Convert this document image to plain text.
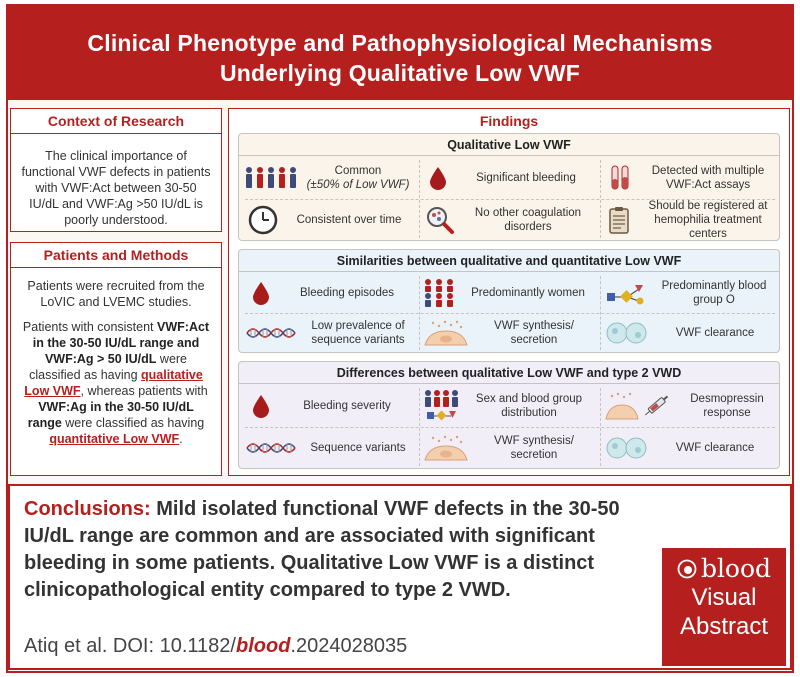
Clinical Phenotype and Pathophysiological Mechanisms
Underlying Qualitative Low VWF
Context of Research
The clinical importance of functional VWF defects in patients with VWF:Act between 30-50 IU/dL and VWF:Ag >50 IU/dL is poorly understood.
Patients and Methods
Patients were recruited from the LoVIC and LVEMC studies.
Patients with consistent VWF:Act in the 30-50 IU/dL range and VWF:Ag > 50 IU/dL were classified as having qualitative Low VWF, whereas patients with VWF:Ag in the 30-50 IU/dL range were classified as having quantitative Low VWF.
Findings
Qualitative Low VWF
Common
(±50% of Low VWF)
Significant bleeding
Detected with multiple VWF:Act assays
Consistent over time
No other coagulation disorders
Should be registered at hemophilia treatment centers
Similarities between qualitative and quantitative Low VWF
Bleeding episodes	Predominantly women
Predominantly blood group O
Low prevalence of sequence variants
VWF synthesis/ secretion
VWF clearance
Differences between qualitative Low VWF and type 2 VWD
Bleeding severity
Sex and blood group distribution
Desmopressin response
Sequence variants
VWF synthesis/ secretion
VWF clearance
Conclusions: Mild isolated functional VWF defects in the 30-50 IU/dL range are common and are associated with significant bleeding in some patients. Qualitative Low VWF is a distinct clinicopathological entity compared to type 2 VWD.
Atiq et al. DOI: 10.1182/blood.2024028035
blood
Visual
Abstract
